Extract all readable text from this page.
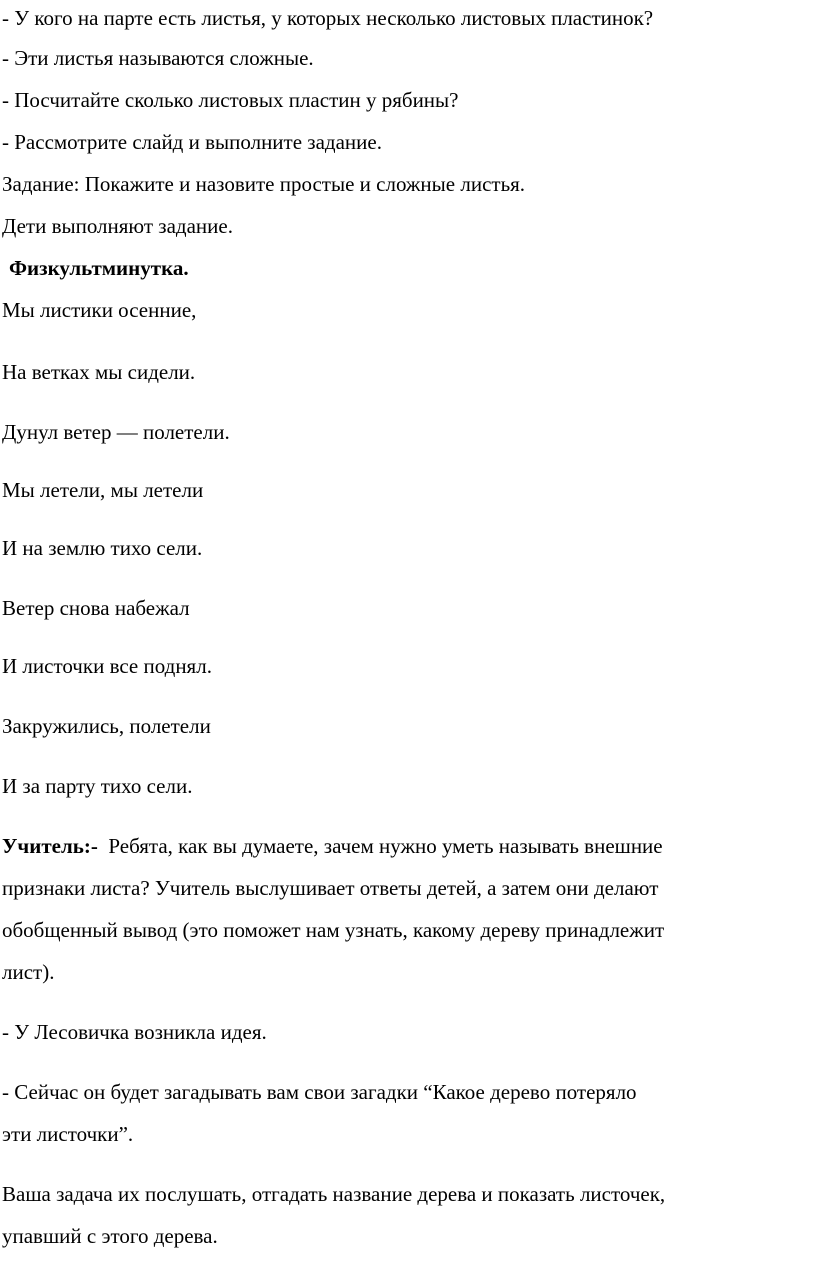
- У кого на парте есть листья, у которых несколько листовых пластинок?

- Эти листья называются сложные.

- Посчитайте сколько листовых пластин у рябины?

- Рассмотрите слайд и выполните задание.

Задание: Покажите и назовите простые и сложные листья.

Дети выполняют задание.

Физкультминутка.

Мы листики осенние,

На ветках мы сидели.

Дунул ветер — полетели.

Мы летели, мы летели

И на землю тихо сели.

Ветер снова набежал

И листочки все поднял.

Закружились, полетели

И за парту тихо сели.

Учитель:- Ребята, как вы думаете, зачем нужно уметь называть внешние

признаки листа? Учитель выслушивает ответы детей, а затем они делают

обобщенный вывод (это поможет нам узнать, какому дереву принадлежит

лист).

- У Лесовичка возникла идея.

- Сейчас он будет загадывать вам свои загадки “Какое дерево потеряло

эти листочки”.

Ваша задача их послушать, отгадать название дерева и показать листочек,

упавший с этого дерева.
